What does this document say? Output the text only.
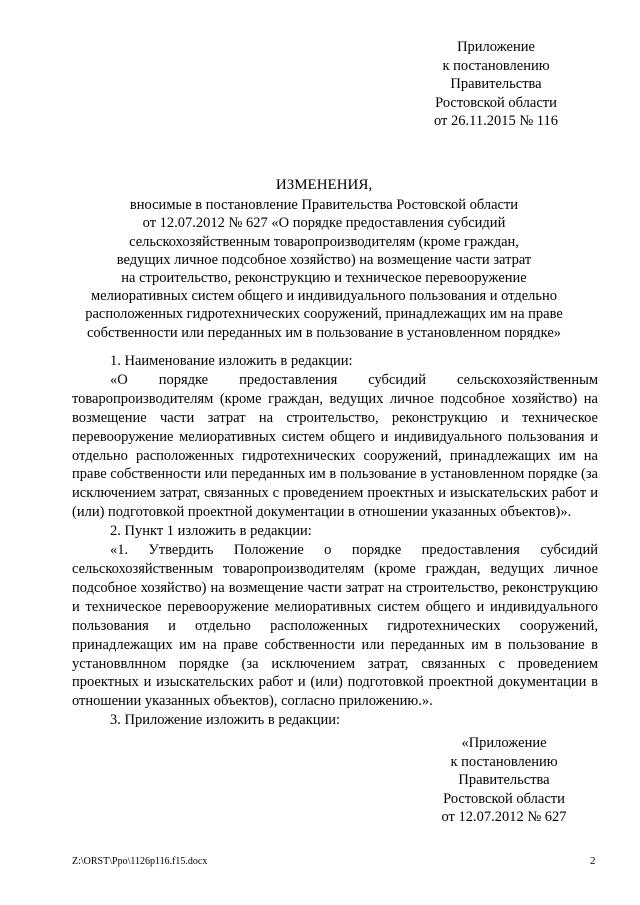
Приложение
к постановлению
Правительства
Ростовской области
от 26.11.2015 № 116
ИЗМЕНЕНИЯ,
вносимые в постановление Правительства Ростовской области
от 12.07.2012 № 627 «О порядке предоставления субсидий
сельскохозяйственным товаропроизводителям (кроме граждан,
ведущих личное подсобное хозяйство) на возмещение части затрат
на строительство, реконструкцию и техническое перевооружение
мелиоративных систем общего и индивидуального пользования и отдельно
расположенных гидротехнических сооружений, принадлежащих им на праве
собственности или переданных им в пользование в установленном порядке»

1. Наименование изложить в редакции:

«О порядке предоставления субсидий сельскохозяйственным товаропроизводителям (кроме граждан, ведущих личное подсобное хозяйство) на возмещение части затрат на строительство, реконструкцию и техническое перевооружение мелиоративных систем общего и индивидуального пользования и отдельно расположенных гидротехнических сооружений, принадлежащих им на праве собственности или переданных им в пользование в установленном порядке (за исключением затрат, связанных с проведением проектных и изыскательских работ и (или) подготовкой проектной документации в отношении указанных объектов)».

2. Пункт 1 изложить в редакции:

«1. Утвердить Положение о порядке предоставления субсидий сельскохозяйственным товаропроизводителям (кроме граждан, ведущих личное подсобное хозяйство) на возмещение части затрат на строительство, реконструкцию и техническое перевооружение мелиоративных систем общего и индивидуального пользования и отдельно расположенных гидротехнических сооружений, принадлежащих им на праве собственности или переданных им в пользование в установвлнном порядкe (за исключением затрат, связанных с проведением проектных и изыскательских работ и (или) подготовкой проектной документации в отношении указанных объектов), согласно приложению.».

3. Приложение изложить в редакции:

«Приложение
к постановлению
Правительства
Ростовской области
от 12.07.2012 № 627
Z:\ORST\Ppo\1126p116.f15.docx	2
